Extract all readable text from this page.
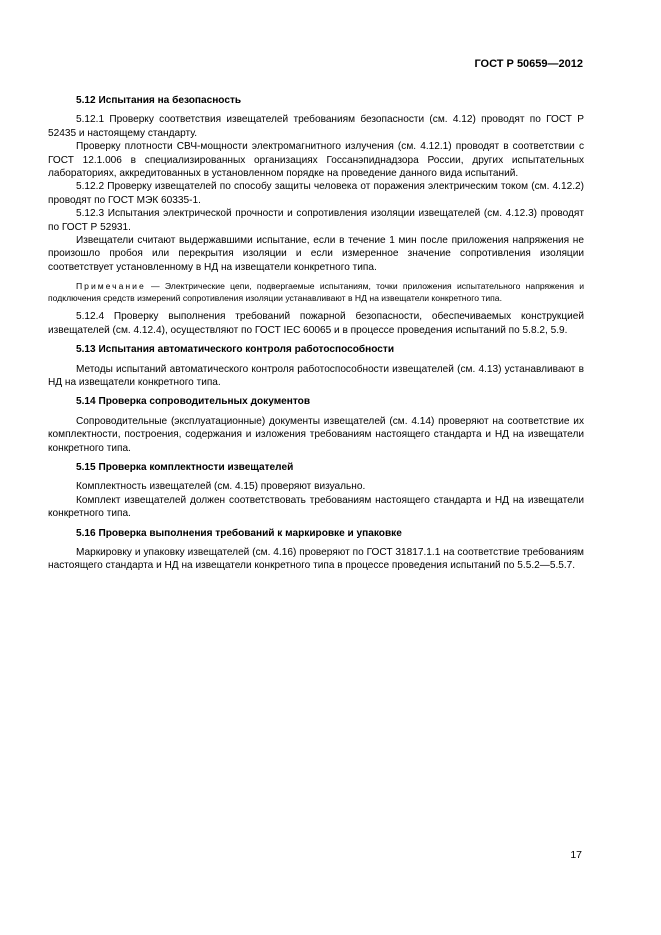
ГОСТ Р 50659—2012
5.12 Испытания на безопасность

5.12.1 Проверку соответствия извещателей требованиям безопасности (см. 4.12) проводят по ГОСТ Р 52435 и настоящему стандарту.

Проверку плотности СВЧ-мощности электромагнитного излучения (см. 4.12.1) проводят в соответствии с ГОСТ 12.1.006 в специализированных организациях Госсанэпиднадзора России, других испытательных лабораториях, аккредитованных в установленном порядке на проведение данного вида испытаний.

5.12.2 Проверку извещателей по способу защиты человека от поражения электрическим током (см. 4.12.2) проводят по ГОСТ МЭК 60335-1.

5.12.3 Испытания электрической прочности и сопротивления изоляции извещателей (см. 4.12.3) проводят по ГОСТ Р 52931.

Извещатели считают выдержавшими испытание, если в течение 1 мин после приложения напряжения не произошло пробоя или перекрытия изоляции и если измеренное значение сопротивления изоляции соответствует установленному в НД на извещатели конкретного типа.

Примечание — Электрические цепи, подвергаемые испытаниям, точки приложения испытательного напряжения и подключения средств измерений сопротивления изоляции устанавливают в НД на извещатели конкретного типа.

5.12.4 Проверку выполнения требований пожарной безопасности, обеспечиваемых конструкцией извещателей (см. 4.12.4), осуществляют по ГОСТ IEC 60065 и в процессе проведения испытаний по 5.8.2, 5.9.

5.13 Испытания автоматического контроля работоспособности

Методы испытаний автоматического контроля работоспособности извещателей (см. 4.13) устанавливают в НД на извещатели конкретного типа.

5.14 Проверка сопроводительных документов

Сопроводительные (эксплуатационные) документы извещателей (см. 4.14) проверяют на соответствие их комплектности, построения, содержания и изложения требованиям настоящего стандарта и НД на извещатели конкретного типа.

5.15 Проверка комплектности извещателей

Комплектность извещателей (см. 4.15) проверяют визуально.

Комплект извещателей должен соответствовать требованиям настоящего стандарта и НД на извещатели конкретного типа.

5.16 Проверка выполнения требований к маркировке и упаковке

Маркировку и упаковку извещателей (см. 4.16) проверяют по ГОСТ 31817.1.1 на соответствие требованиям настоящего стандарта и НД на извещатели конкретного типа в процессе проведения испытаний по 5.5.2—5.5.7.

17
